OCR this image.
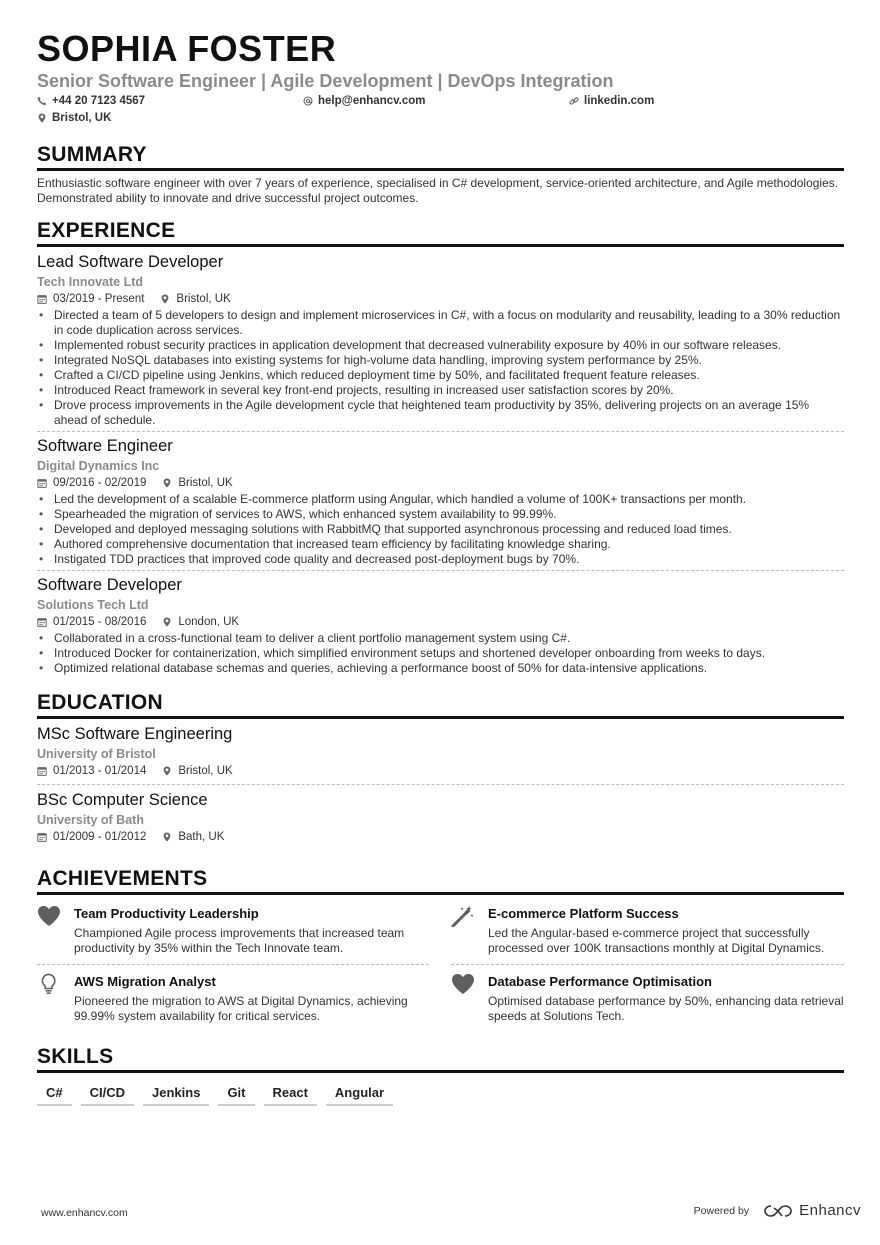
SOPHIA FOSTER
Senior Software Engineer | Agile Development | DevOps Integration
+44 20 7123 4567	help@enhancv.com	linkedin.com
Bristol, UK
SUMMARY

Enthusiastic software engineer with over 7 years of experience, specialised in C# development, service-oriented architecture, and Agile methodologies. Demonstrated ability to innovate and drive successful project outcomes.

EXPERIENCE
Lead Software Developer
Tech Innovate Ltd
03/2019 - Present	Bristol, UK
• Directed a team of 5 developers to design and implement microservices in C#, with a focus on modularity and reusability, leading to a 30% reduction in code duplication across services.
• Implemented robust security practices in application development that decreased vulnerability exposure by 40% in our software releases.
• Integrated NoSQL databases into existing systems for high-volume data handling, improving system performance by 25%.
• Crafted a CI/CD pipeline using Jenkins, which reduced deployment time by 50%, and facilitated frequent feature releases.
• Introduced React framework in several key front-end projects, resulting in increased user satisfaction scores by 20%.
• Drove process improvements in the Agile development cycle that heightened team productivity by 35%, delivering projects on an average 15% ahead of schedule.
Software Engineer
Digital Dynamics Inc
09/2016 - 02/2019	Bristol, UK
• Led the development of a scalable E-commerce platform using Angular, which handled a volume of 100K+ transactions per month.
• Spearheaded the migration of services to AWS, which enhanced system availability to 99.99%.
• Developed and deployed messaging solutions with RabbitMQ that supported asynchronous processing and reduced load times.
• Authored comprehensive documentation that increased team efficiency by facilitating knowledge sharing.
• Instigated TDD practices that improved code quality and decreased post-deployment bugs by 70%.
Software Developer
Solutions Tech Ltd
01/2015 - 08/2016	London, UK
• Collaborated in a cross-functional team to deliver a client portfolio management system using C#.
• Introduced Docker for containerization, which simplified environment setups and shortened developer onboarding from weeks to days.
• Optimized relational database schemas and queries, achieving a performance boost of 50% for data-intensive applications.
EDUCATION
MSc Software Engineering
University of Bristol
01/2013 - 01/2014	Bristol, UK
BSc Computer Science
University of Bath
01/2009 - 01/2012	Bath, UK
ACHIEVEMENTS
Team Productivity Leadership
Championed Agile process improvements that increased team productivity by 35% within the Tech Innovate team.
E-commerce Platform Success
Led the Angular-based e-commerce project that successfully processed over 100K transactions monthly at Digital Dynamics.
AWS Migration Analyst
Pioneered the migration to AWS at Digital Dynamics, achieving 99.99% system availability for critical services.
Database Performance Optimisation
Optimised database performance by 50%, enhancing data retrieval speeds at Solutions Tech.
SKILLS
C#	CI/CD	Jenkins	Git	React	Angular
www.enhancv.com	Powered by	Enhancv
